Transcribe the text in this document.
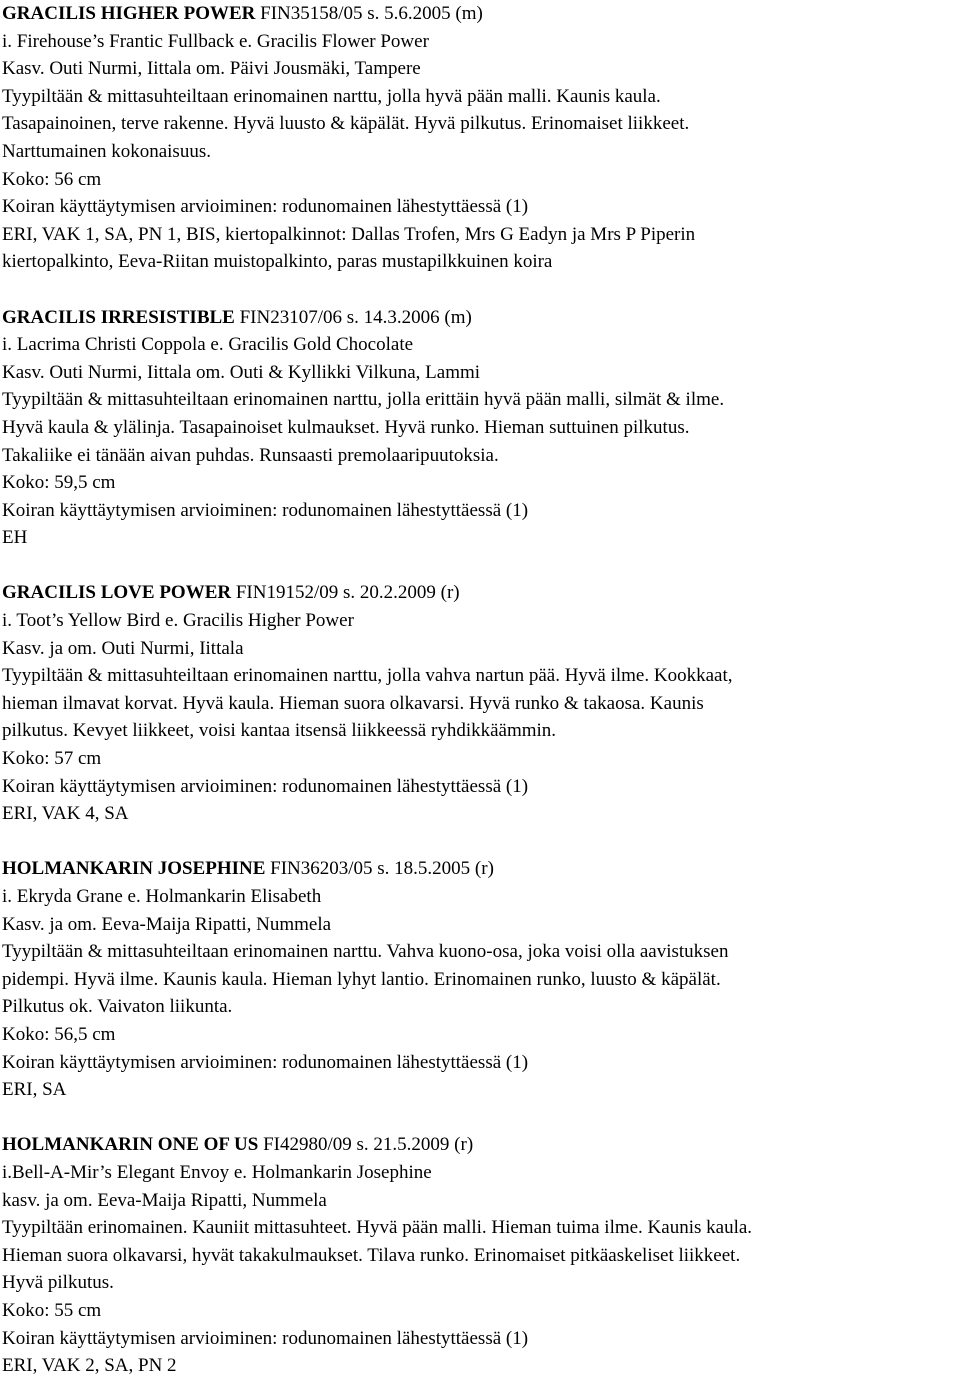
GRACILIS HIGHER POWER FIN35158/05 s. 5.6.2005 (m)
i. Firehouse’s Frantic Fullback e. Gracilis Flower Power
Kasv. Outi Nurmi, Iittala om. Päivi Jousmäki, Tampere
Tyypiltään & mittasuhteiltaan erinomainen narttu, jolla hyvä pään malli. Kaunis kaula.
Tasapainoinen, terve rakenne. Hyvä luusto & käpälät. Hyvä pilkutus. Erinomaiset liikkeet.
Narttumainen kokonaisuus.
Koko: 56 cm
Koiran käyttäytymisen arvioiminen: rodunomainen lähestyttäessä (1)
ERI, VAK 1, SA, PN 1, BIS, kiertopalkinnot: Dallas Trofen, Mrs G Eadyn ja Mrs P Piperin
kiertopalkinto, Eeva-Riitan muistopalkinto, paras mustapilkkuinen koira
GRACILIS IRRESISTIBLE FIN23107/06 s. 14.3.2006 (m)
i. Lacrima Christi Coppola e. Gracilis Gold Chocolate
Kasv. Outi Nurmi, Iittala om. Outi & Kyllikki Vilkuna, Lammi
Tyypiltään & mittasuhteiltaan erinomainen narttu, jolla erittäin hyvä pään malli, silmät & ilme.
Hyvä kaula & ylälinja. Tasapainoiset kulmaukset. Hyvä runko. Hieman suttuinen pilkutus.
Takaliike ei tänään aivan puhdas. Runsaasti premolaaripuutoksia.
Koko: 59,5 cm
Koiran käyttäytymisen arvioiminen: rodunomainen lähestyttäessä (1)
EH
GRACILIS LOVE POWER FIN19152/09 s. 20.2.2009 (r)
i. Toot’s Yellow Bird e. Gracilis Higher Power
Kasv. ja om. Outi Nurmi, Iittala
Tyypiltään & mittasuhteiltaan erinomainen narttu, jolla vahva nartun pää. Hyvä ilme. Kookkaat,
hieman ilmavat korvat. Hyvä kaula. Hieman suora olkavarsi. Hyvä runko & takaosa. Kaunis
pilkutus. Kevyet liikkeet, voisi kantaa itsensä liikkeessä ryhdikkäämmin.
Koko: 57 cm
Koiran käyttäytymisen arvioiminen: rodunomainen lähestyttäessä (1)
ERI, VAK 4, SA
HOLMANKARIN JOSEPHINE FIN36203/05 s. 18.5.2005 (r)
i. Ekryda Grane e. Holmankarin Elisabeth
Kasv. ja om. Eeva-Maija Ripatti, Nummela
Tyypiltään & mittasuhteiltaan erinomainen narttu. Vahva kuono-osa, joka voisi olla aavistuksen
pidempi. Hyvä ilme. Kaunis kaula. Hieman lyhyt lantio. Erinomainen runko, luusto & käpälät.
Pilkutus ok. Vaivaton liikunta.
Koko: 56,5 cm
Koiran käyttäytymisen arvioiminen: rodunomainen lähestyttäessä (1)
ERI, SA
HOLMANKARIN ONE OF US FI42980/09 s. 21.5.2009 (r)
i.Bell-A-Mir’s Elegant Envoy e. Holmankarin Josephine
kasv. ja om. Eeva-Maija Ripatti, Nummela
Tyypiltään erinomainen. Kauniit mittasuhteet. Hyvä pään malli. Hieman tuima ilme. Kaunis kaula.
Hieman suora olkavarsi, hyvät takakulmaukset. Tilava runko. Erinomaiset pitkäaskeliset liikkeet.
Hyvä pilkutus.
Koko: 55 cm
Koiran käyttäytymisen arvioiminen: rodunomainen lähestyttäessä (1)
ERI, VAK 2, SA, PN 2
